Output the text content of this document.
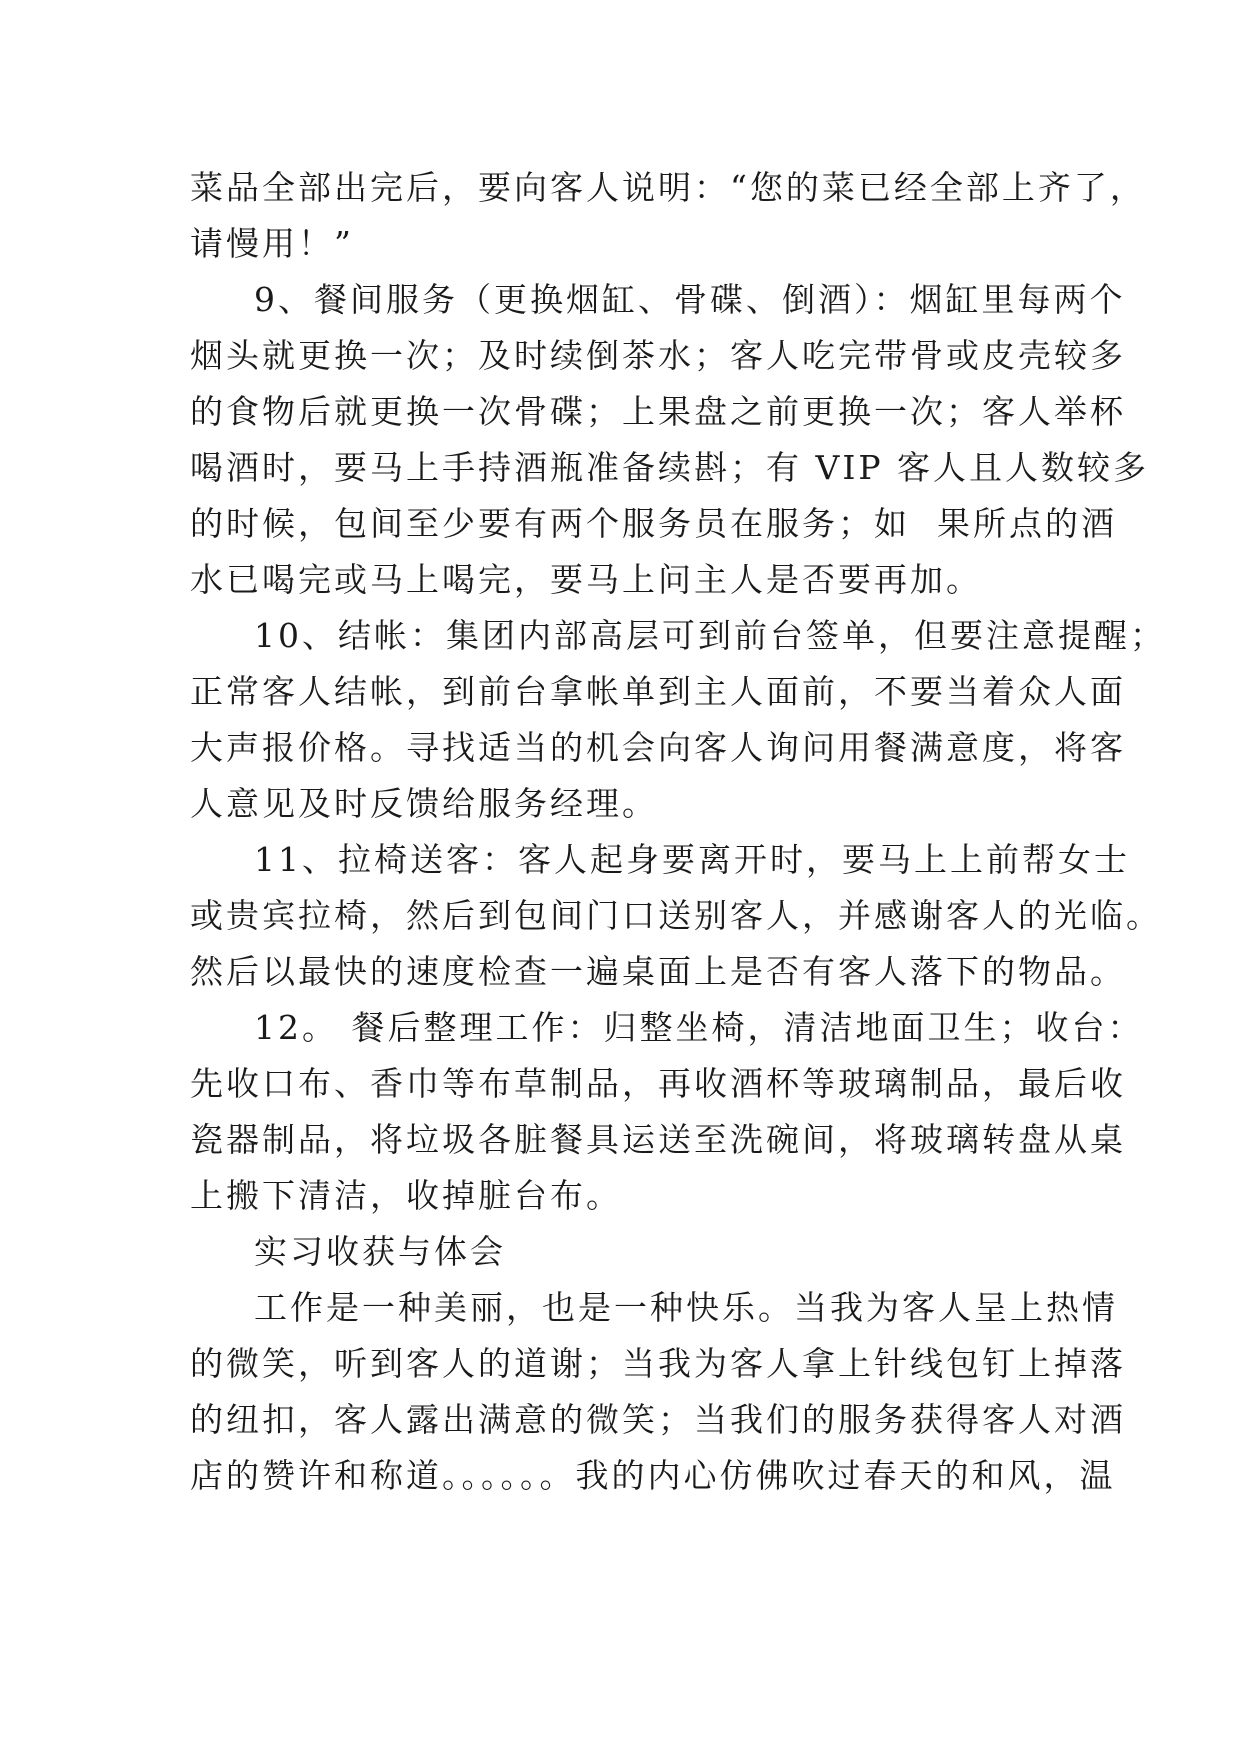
菜品全部出完后，要向客人说明：“您的菜已经全部上齐了，
请慢用！”
9、餐间服务（更换烟缸、骨碟、倒酒）：烟缸里每两个
烟头就更换一次；及时续倒茶水；客人吃完带骨或皮壳较多
的食物后就更换一次骨碟；上果盘之前更换一次；客人举杯
喝酒时，要马上手持酒瓶准备续斟；有 VIP 客人且人数较多
的时候，包间至少要有两个服务员在服务；如  果所点的酒
水已喝完或马上喝完，要马上问主人是否要再加。
10、结帐：集团内部高层可到前台签单，但要注意提醒；
正常客人结帐，到前台拿帐单到主人面前，不要当着众人面
大声报价格。寻找适当的机会向客人询问用餐满意度，将客
人意见及时反馈给服务经理。
11、拉椅送客：客人起身要离开时，要马上上前帮女士
或贵宾拉椅，然后到包间门口送别客人，并感谢客人的光临。
然后以最快的速度检查一遍桌面上是否有客人落下的物品。
12。 餐后整理工作：归整坐椅，清洁地面卫生；收台：
先收口布、香巾等布草制品，再收酒杯等玻璃制品，最后收
瓷器制品，将垃圾各脏餐具运送至洗碗间，将玻璃转盘从桌
上搬下清洁，收掉脏台布。
实习收获与体会
工作是一种美丽，也是一种快乐。当我为客人呈上热情
的微笑，听到客人的道谢；当我为客人拿上针线包钉上掉落
的纽扣，客人露出满意的微笑；当我们的服务获得客人对酒
店的赞许和称道。。。。。。我的内心仿佛吹过春天的和风，温
